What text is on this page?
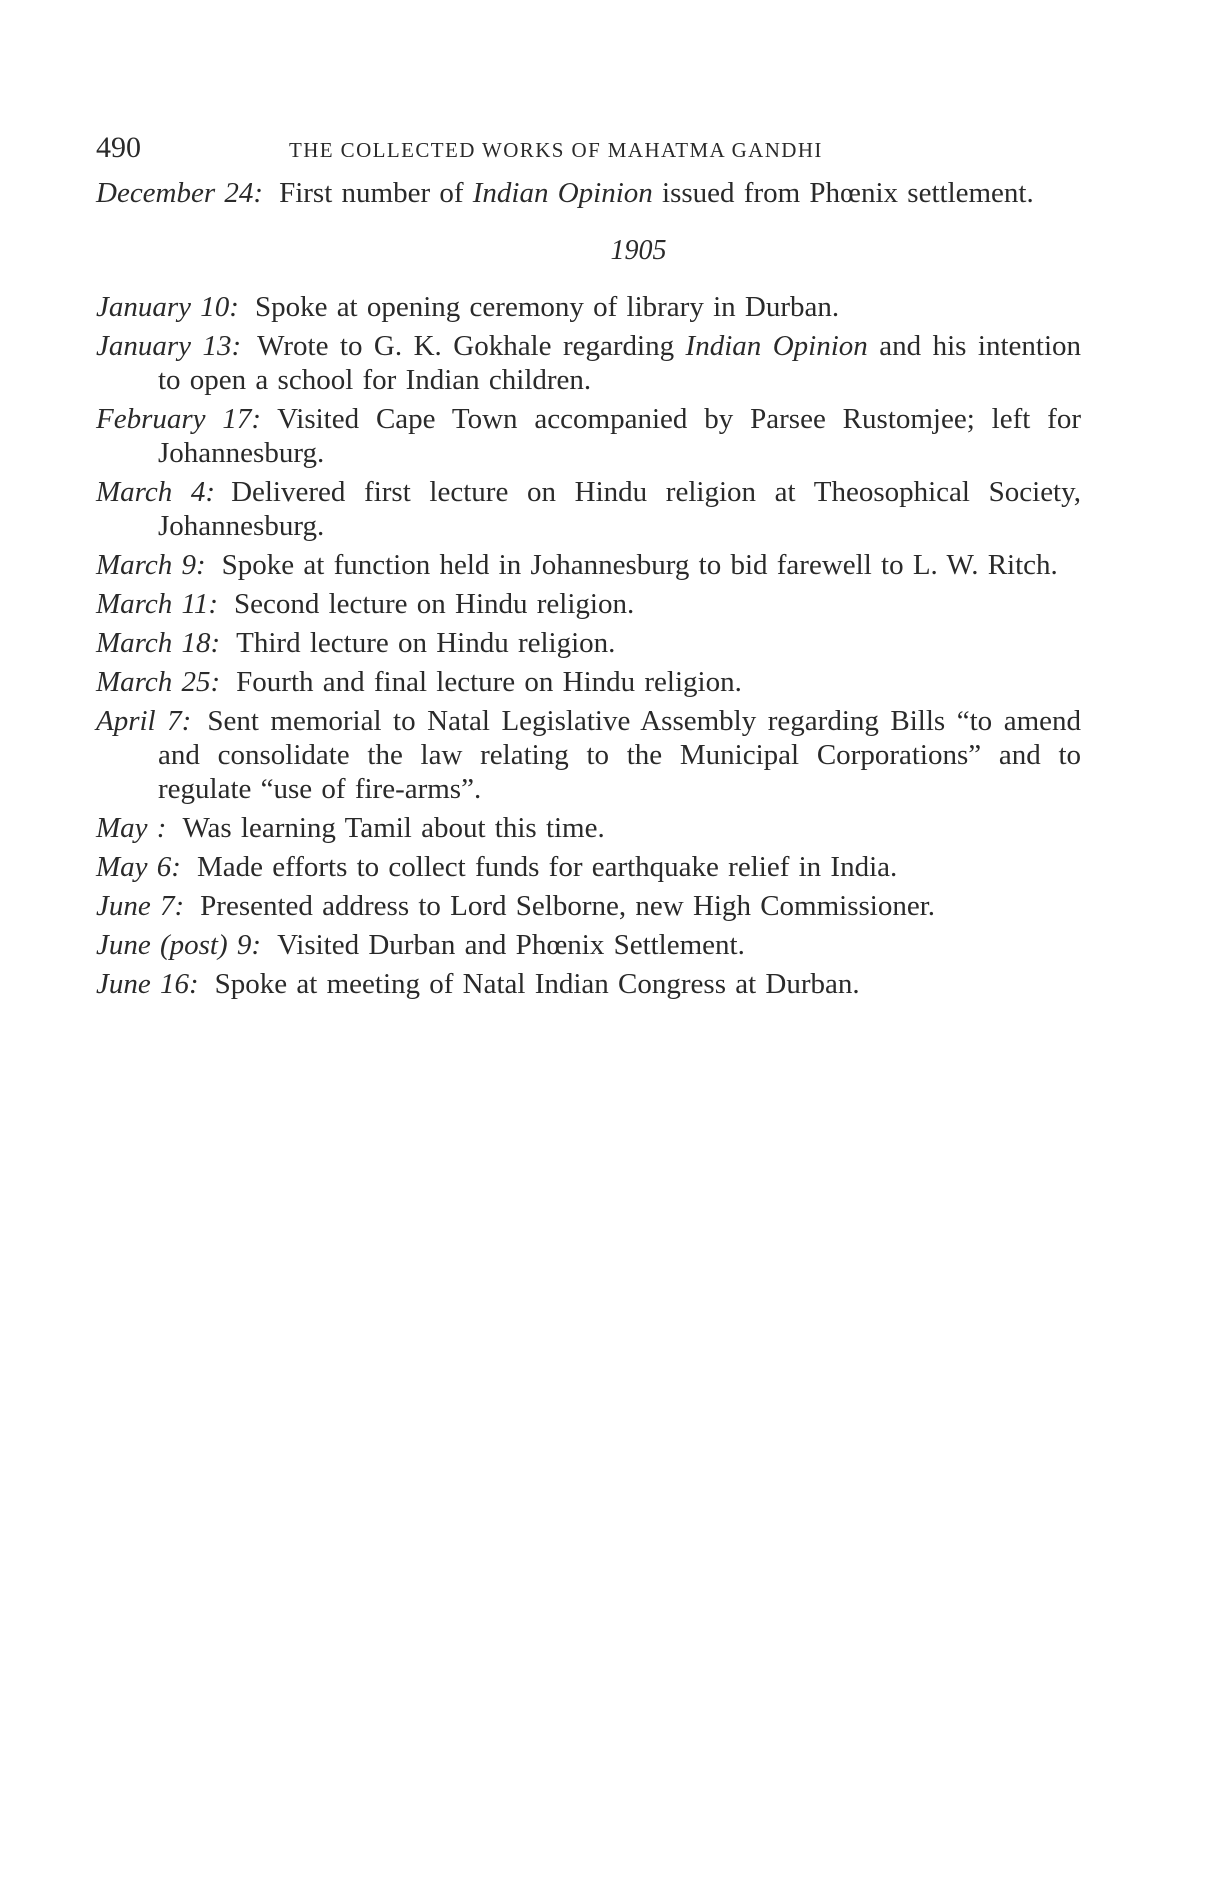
490	THE COLLECTED WORKS OF MAHATMA GANDHI
December 24: First number of Indian Opinion issued from Phœnix settlement.
1905
January 10: Spoke at opening ceremony of library in Durban.
January 13: Wrote to G. K. Gokhale regarding Indian Opinion and his intention to open a school for Indian children.
February 17: Visited Cape Town accompanied by Parsee Rustomjee; left for Johannesburg.
March 4: Delivered first lecture on Hindu religion at Theosophical Society, Johannesburg.
March 9: Spoke at function held in Johannesburg to bid farewell to L. W. Ritch.
March 11: Second lecture on Hindu religion.
March 18: Third lecture on Hindu religion.
March 25: Fourth and final lecture on Hindu religion.
April 7: Sent memorial to Natal Legislative Assembly regarding Bills “to amend and consolidate the law relating to the Municipal Corporations” and to regulate “use of fire-arms”.
May : Was learning Tamil about this time.
May 6: Made efforts to collect funds for earthquake relief in India.
June 7: Presented address to Lord Selborne, new High Commissioner.
June (post) 9: Visited Durban and Phœnix Settlement.
June 16: Spoke at meeting of Natal Indian Congress at Durban.
